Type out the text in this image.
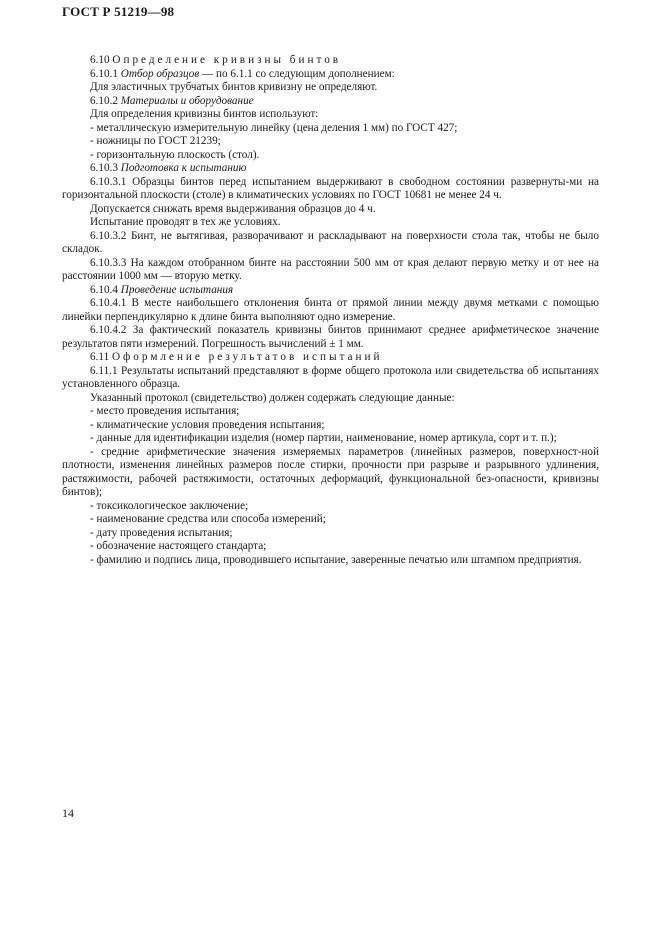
ГОСТ Р 51219—98

6.10 Определение кривизны бинтов

6.10.1 Отбор образцов — по 6.1.1 со следующим дополнением:

Для эластичных трубчатых бинтов кривизну не определяют.

6.10.2 Материалы и оборудование

Для определения кривизны бинтов используют:

- металлическую измерительную линейку (цена деления 1 мм) по ГОСТ 427;

- ножницы по ГОСТ 21239;

- горизонтальную плоскость (стол).

6.10.3 Подготовка к испытанию

6.10.3.1 Образцы бинтов перед испытанием выдерживают в свободном состоянии развернуты-ми на горизонтальной плоскости (столе) в климатических условиях по ГОСТ 10681 не менее 24 ч.

Допускается снижать время выдерживания образцов до 4 ч.

Испытание проводят в тех же условиях.

6.10.3.2 Бинт, не вытягивая, разворачивают и раскладывают на поверхности стола так, чтобы не было складок.

6.10.3.3 На каждом отобранном бинте на расстоянии 500 мм от края делают первую метку и от нее на расстоянии 1000 мм — вторую метку.

6.10.4 Проведение испытания

6.10.4.1 В месте наибольшего отклонения бинта от прямой линии между двумя метками с помощью линейки перпендикулярно к длине бинта выполняют одно измерение.

6.10.4.2 За фактический показатель кривизны бинтов принимают среднее арифметическое значение результатов пяти измерений. Погрешность вычислений ± 1 мм.

6.11 Оформление результатов испытаний

6.11.1 Результаты испытаний представляют в форме общего протокола или свидетельства об испытаниях установленного образца.

Указанный протокол (свидетельство) должен содержать следующие данные:

- место проведения испытания;

- климатические условия проведения испытания;

- данные для идентификации изделия (номер партии, наименование, номер артикула, сорт и т. п.);

- средние арифметические значения измеряемых параметров (линейных размеров, поверхност-ной плотности, изменения линейных размеров после стирки, прочности при разрыве и разрывного удлинения, растяжимости, рабочей растяжимости, остаточных деформаций, функциональной без-опасности, кривизны бинтов);

- токсикологическое заключение;

- наименование средства или способа измерений;

- дату проведения испытания;

- обозначение настоящего стандарта;

- фамилию и подпись лица, проводившего испытание, заверенные печатью или штампом предприятия.

14
